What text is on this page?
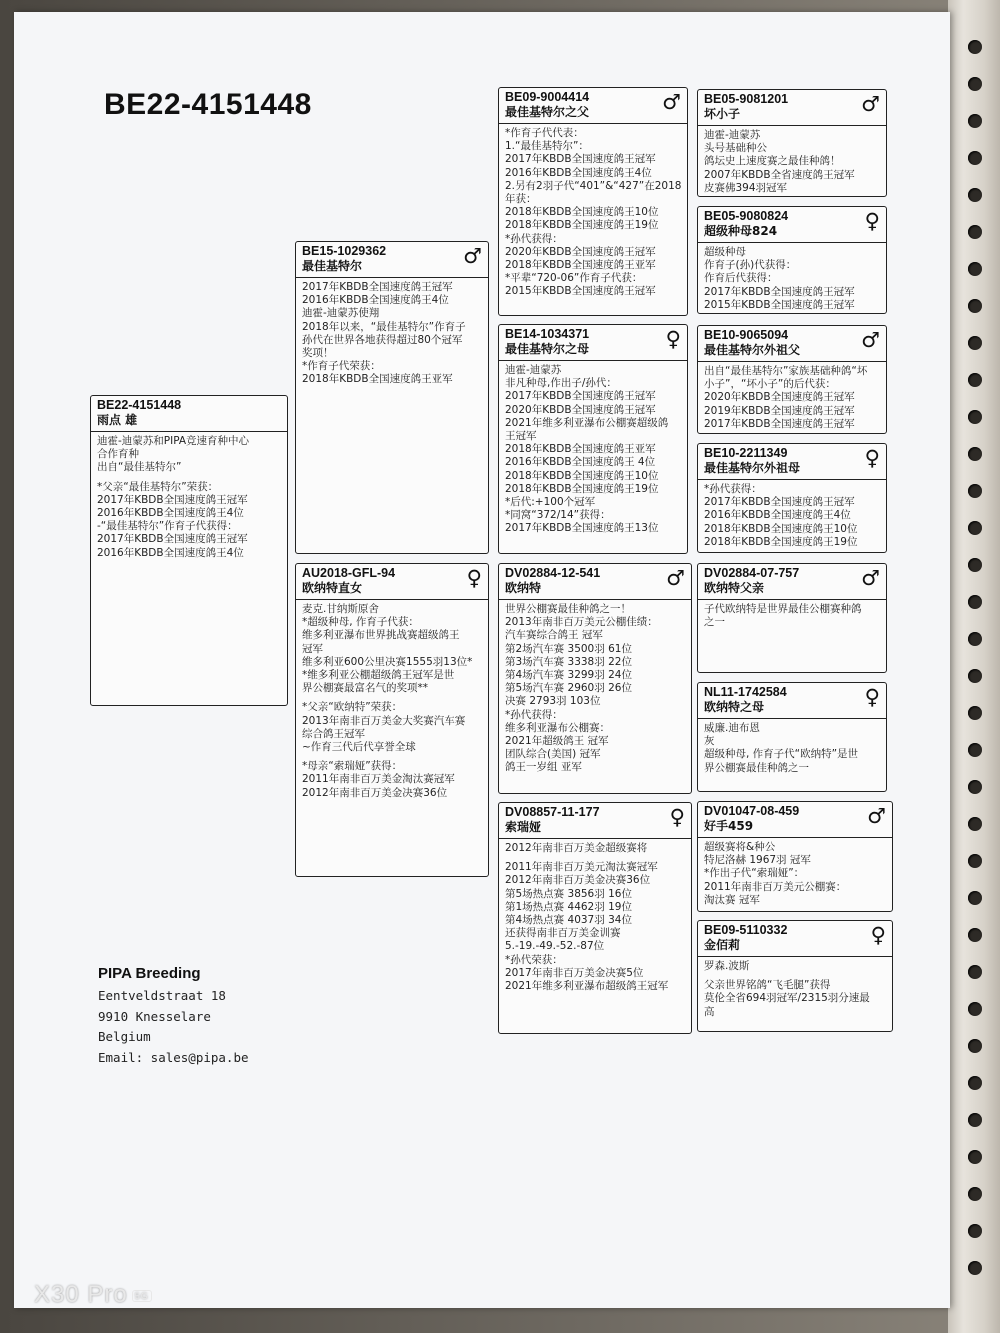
BE22-4151448
BE22-4151448
雨点 雄
迪霍-迪蒙苏和PIPA竞速育种中心
合作育种
出自“最佳基特尔”
*父亲“最佳基特尔”荣获：
2017年KBDB全国速度鸽王冠军
2016年KBDB全国速度鸽王4位
-“最佳基特尔”作育子代获得：
2017年KBDB全国速度鸽王冠军
2016年KBDB全国速度鸽王4位
BE15-1029362
最佳基特尔	♂
2017年KBDB全国速度鸽王冠军
2016年KBDB全国速度鸽王4位
迪霍-迪蒙苏使翔
2018年以来，“最佳基特尔”作育子
孙代在世界各地获得超过80个冠军
奖项！
*作育子代荣获：
2018年KBDB全国速度鸽王亚军
AU2018-GFL-94
欧纳特直女	♀
麦克.甘纳斯原舍
*超级种母, 作育子代获：
维多利亚瀑布世界挑战赛超级鸽王
冠军
维多利亚600公里决赛1555羽13位*
*维多利亚公棚超级鸽王冠军是世
界公棚赛最富名气的奖项**
*父亲“欧纳特”荣获：
2013年南非百万美金大奖赛汽车赛
综合鸽王冠军
~作育三代后代享誉全球
*母亲“索瑞娅”获得：
2011年南非百万美金淘汰赛冠军
2012年南非百万美金决赛36位
BE09-9004414
最佳基特尔之父	♂
*作育子代代表：
1.“最佳基特尔”：
2017年KBDB全国速度鸽王冠军
2016年KBDB全国速度鸽王4位
2.另有2羽子代“401”&“427”在2018
年获：
2018年KBDB全国速度鸽王10位
2018年KBDB全国速度鸽王19位
*孙代获得：
2020年KBDB全国速度鸽王冠军
2018年KBDB全国速度鸽王亚军
*平辈“720-06”作育子代获：
2015年KBDB全国速度鸽王冠军
BE14-1034371
最佳基特尔之母	♀
迪霍-迪蒙苏
非凡种母,作出子/孙代：
2017年KBDB全国速度鸽王冠军
2020年KBDB全国速度鸽王冠军
2021年维多利亚瀑布公棚赛超级鸽
王冠军
2018年KBDB全国速度鸽王亚军
2016年KBDB全国速度鸽王 4位
2018年KBDB全国速度鸽王10位
2018年KBDB全国速度鸽王19位
*后代:+100个冠军
*同窝“372/14”获得：
2017年KBDB全国速度鸽王13位
DV02884-12-541
欧纳特	♂
世界公棚赛最佳种鸽之一！
2013年南非百万美元公棚佳绩：
汽车赛综合鸽王 冠军
第2场汽车赛 3500羽 61位
第3场汽车赛 3338羽 22位
第4场汽车赛 3299羽 24位
第5场汽车赛 2960羽 26位
决赛 2793羽 103位
*孙代获得：
维多利亚瀑布公棚赛：
2021年超级鸽王 冠军
团队综合(美国) 冠军
鸽王一岁组 亚军
DV08857-11-177
索瑞娅	♀
2012年南非百万美金超级赛将
2011年南非百万美元淘汰赛冠军
2012年南非百万美金决赛36位
第5场热点赛 3856羽 16位
第1场热点赛 4462羽 19位
第4场热点赛 4037羽 34位
还获得南非百万美金训赛
5.-19.-49.-52.-87位
*孙代荣获：
2017年南非百万美金决赛5位
2021年维多利亚瀑布超级鸽王冠军
BE05-9081201
坏小子	♂
迪霍-迪蒙苏
头号基础种公
鸽坛史上速度赛之最佳种鸽！
2007年KBDB全省速度鸽王冠军
皮赛佛394羽冠军
BE05-9080824
超级种母824	♀
超级种母
作育子(孙)代获得：
作育后代获得：
2017年KBDB全国速度鸽王冠军
2015年KBDB全国速度鸽王冠军
BE10-9065094
最佳基特尔外祖父	♂
出自“最佳基特尔”家族基础种鸽“坏
小子”，“坏小子”的后代获：
2020年KBDB全国速度鸽王冠军
2019年KBDB全国速度鸽王冠军
2017年KBDB全国速度鸽王冠军
BE10-2211349
最佳基特尔外祖母	♀
*孙代获得：
2017年KBDB全国速度鸽王冠军
2016年KBDB全国速度鸽王4位
2018年KBDB全国速度鸽王10位
2018年KBDB全国速度鸽王19位
DV02884-07-757
欧纳特父亲	♂
子代欧纳特是世界最佳公棚赛种鸽
之一
NL11-1742584
欧纳特之母	♀
威廉.迪布恩
灰
超级种母, 作育子代“欧纳特”是世
界公棚赛最佳种鸽之一
DV01047-08-459
好手459	♂
超级赛将&种公
特尼洛赫 1967羽 冠军
*作出子代“索瑞娅”：
2011年南非百万美元公棚赛：
淘汰赛 冠军
BE09-5110332
金佰莉	♀
罗森.波斯
父亲世界铭鸽“飞毛腿”获得
莫伦全省694羽冠军/2315羽分速最
高
PIPA Breeding
Eentveldstraat 18
9910 Knesselare
Belgium
Email: sales@pipa.be
X30 Pro 5G
